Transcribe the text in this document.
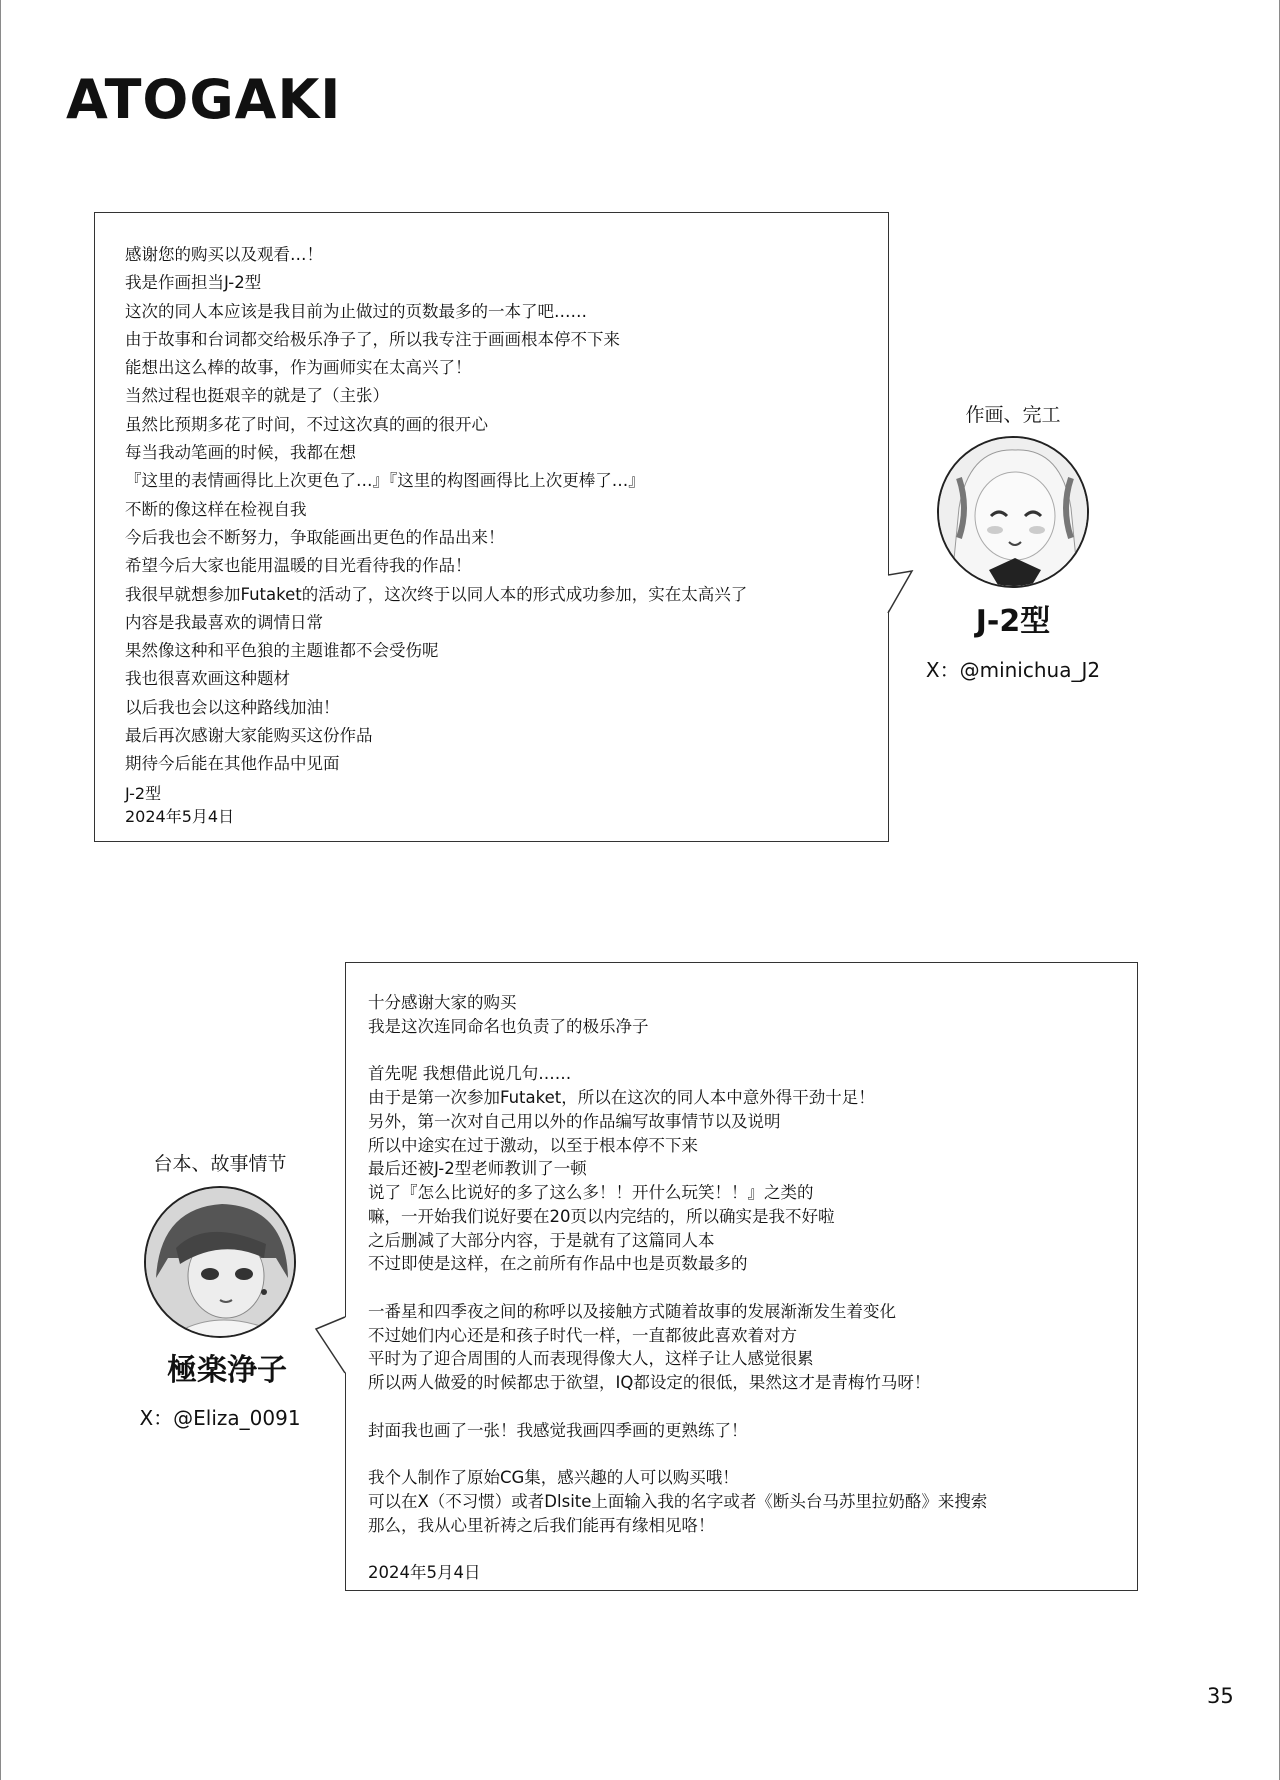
ATOGAKI
感谢您的购买以及观看…！
我是作画担当J-2型
这次的同人本应该是我目前为止做过的页数最多的一本了吧……
由于故事和台词都交给极乐净子了，所以我专注于画画根本停不下来
能想出这么棒的故事，作为画师实在太高兴了！
当然过程也挺艰辛的就是了（主张）
虽然比预期多花了时间，不过这次真的画的很开心
每当我动笔画的时候，我都在想
『这里的表情画得比上次更色了…』『这里的构图画得比上次更棒了…』
不断的像这样在检视自我
今后我也会不断努力，争取能画出更色的作品出来！
希望今后大家也能用温暖的目光看待我的作品！
我很早就想参加Futaket的活动了，这次终于以同人本的形式成功参加，实在太高兴了
内容是我最喜欢的调情日常
果然像这种和平色狼的主题谁都不会受伤呢
我也很喜欢画这种题材
以后我也会以这种路线加油！
最后再次感谢大家能购买这份作品
期待今后能在其他作品中见面
J-2型
2024年5月4日
作画、完工
J-2型
X：@minichua_J2
十分感谢大家的购买
我是这次连同命名也负责了的极乐净子

首先呢 我想借此说几句……
由于是第一次参加Futaket，所以在这次的同人本中意外得干劲十足！
另外，第一次对自己用以外的作品编写故事情节以及说明
所以中途实在过于激动，以至于根本停不下来
最后还被J-2型老师教训了一顿
说了『怎么比说好的多了这么多！！开什么玩笑！！』之类的
嘛，一开始我们说好要在20页以内完结的，所以确实是我不好啦
之后删减了大部分内容，于是就有了这篇同人本
不过即使是这样，在之前所有作品中也是页数最多的

一番星和四季夜之间的称呼以及接触方式随着故事的发展渐渐发生着变化
不过她们内心还是和孩子时代一样，一直都彼此喜欢着对方
平时为了迎合周围的人而表现得像大人，这样子让人感觉很累
所以两人做爱的时候都忠于欲望，IQ都设定的很低，果然这才是青梅竹马呀！

封面我也画了一张！我感觉我画四季画的更熟练了！

我个人制作了原始CG集，感兴趣的人可以购买哦！
可以在X（不习惯）或者Dlsite上面输入我的名字或者《断头台马苏里拉奶酪》来搜索
那么，我从心里祈祷之后我们能再有缘相见咯！

2024年5月4日
台本、故事情节
極楽浄子
X：@Eliza_0091
35
